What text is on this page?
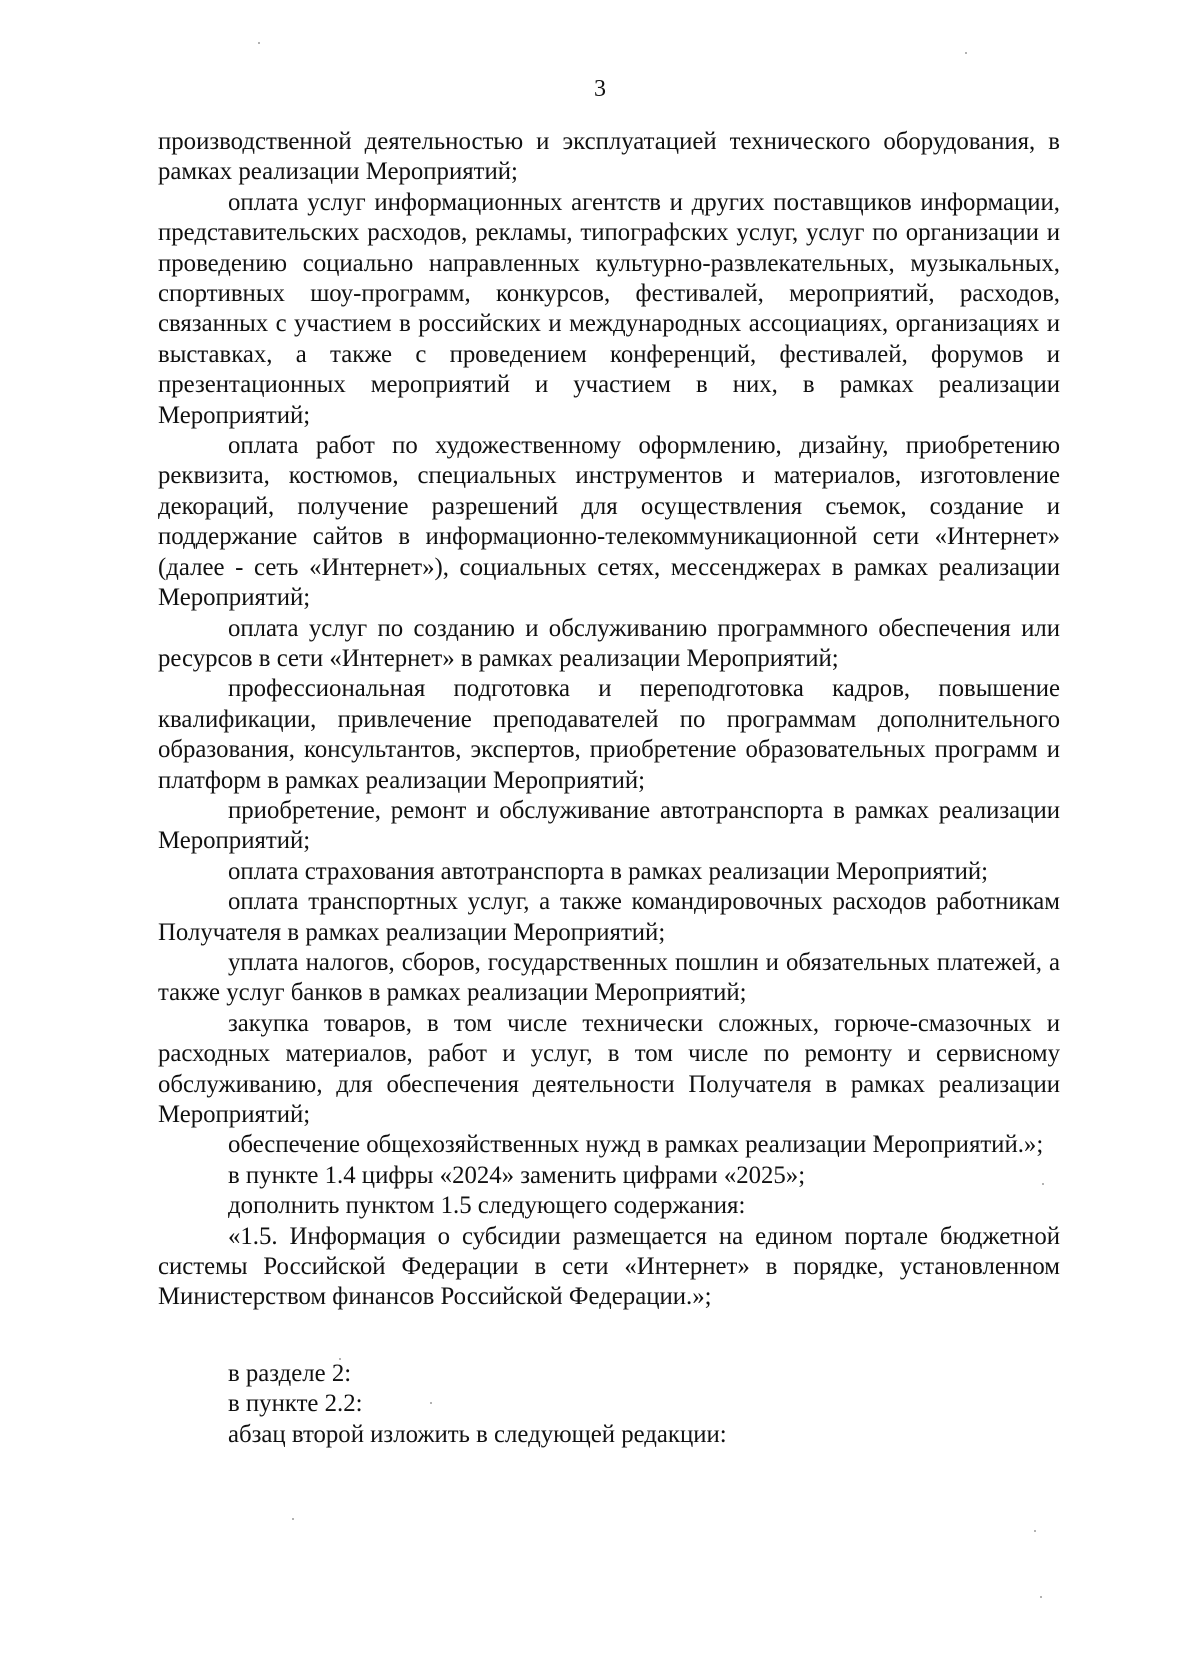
3

производственной деятельностью и эксплуатацией технического оборудования, в рамках реализации Мероприятий;

оплата услуг информационных агентств и других поставщиков информации, представительских расходов, рекламы, типографских услуг, услуг по организации и проведению социально направленных культурно-развлекательных, музыкальных, спортивных шоу-программ, конкурсов, фестивалей, мероприятий, расходов, связанных с участием в российских и международных ассоциациях, организациях и выставках, а также с проведением конференций, фестивалей, форумов и презентационных мероприятий и участием в них, в рамках реализации Мероприятий;

оплата работ по художественному оформлению, дизайну, приобретению реквизита, костюмов, специальных инструментов и материалов, изготовление декораций, получение разрешений для осуществления съемок, создание и поддержание сайтов в информационно-телекоммуникационной сети «Интернет» (далее - сеть «Интернет»), социальных сетях, мессенджерах в рамках реализации Мероприятий;

оплата услуг по созданию и обслуживанию программного обеспечения или ресурсов в сети «Интернет» в рамках реализации Мероприятий;

профессиональная подготовка и переподготовка кадров, повышение квалификации, привлечение преподавателей по программам дополнительного образования, консультантов, экспертов, приобретение образовательных программ и платформ в рамках реализации Мероприятий;

приобретение, ремонт и обслуживание автотранспорта в рамках реализации Мероприятий;

оплата страхования автотранспорта в рамках реализации Мероприятий;

оплата транспортных услуг, а также командировочных расходов работникам Получателя в рамках реализации Мероприятий;

уплата налогов, сборов, государственных пошлин и обязательных платежей, а также услуг банков в рамках реализации Мероприятий;

закупка товаров, в том числе технически сложных, горюче-смазочных и расходных материалов, работ и услуг, в том числе по ремонту и сервисному обслуживанию, для обеспечения деятельности Получателя в рамках реализации Мероприятий;

обеспечение общехозяйственных нужд в рамках реализации Мероприятий.»;

в пункте 1.4 цифры «2024» заменить цифрами «2025»;

дополнить пунктом 1.5 следующего содержания:

«1.5. Информация о субсидии размещается на едином портале бюджетной системы Российской Федерации в сети «Интернет» в порядке, установленном Министерством финансов Российской Федерации.»;

в разделе 2:

в пункте 2.2:

абзац второй изложить в следующей редакции:
